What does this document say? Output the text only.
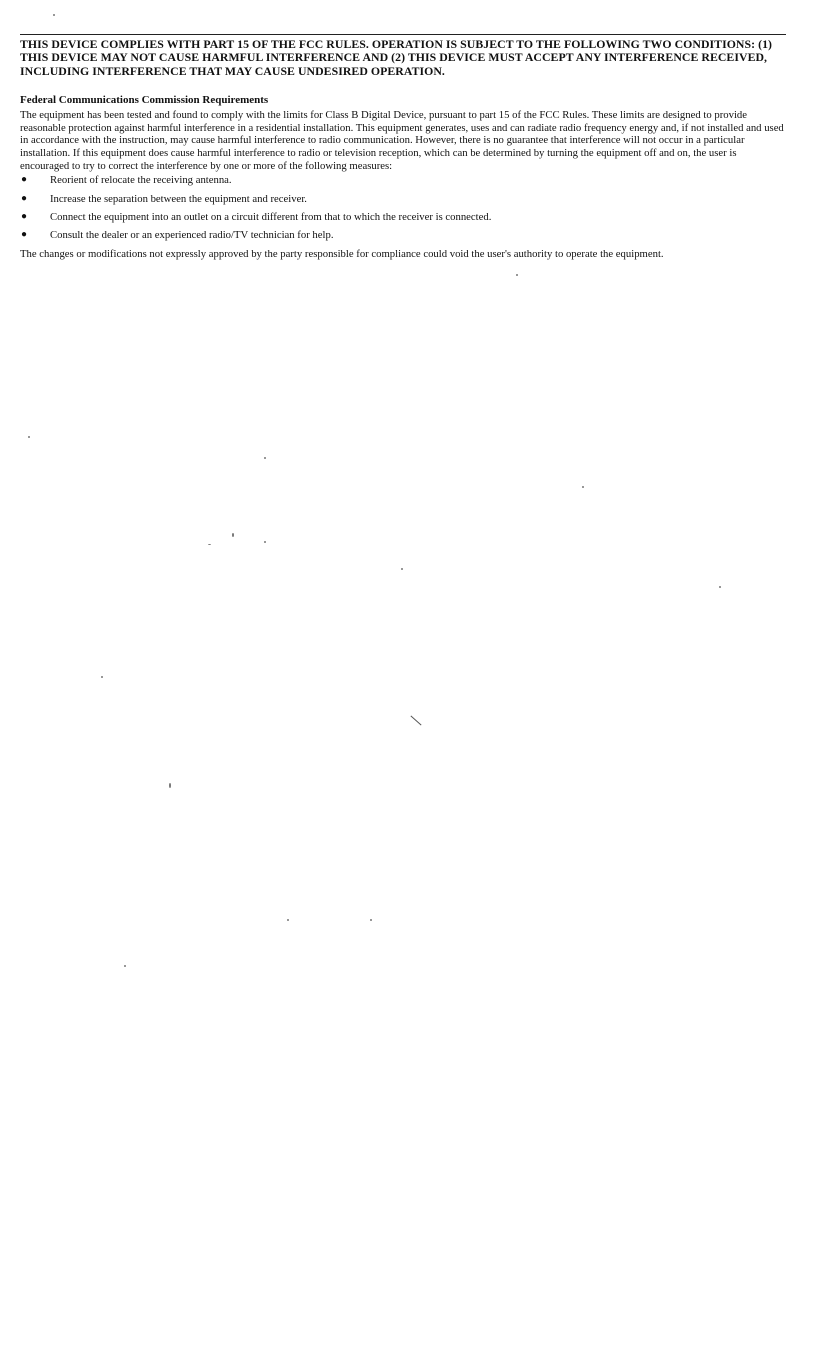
THIS DEVICE COMPLIES WITH PART 15 OF THE FCC RULES. OPERATION IS SUBJECT TO THE FOLLOWING TWO CONDITIONS: (1) THIS DEVICE MAY NOT CAUSE HARMFUL INTERFERENCE AND (2) THIS DEVICE MUST ACCEPT ANY INTERFERENCE RECEIVED, INCLUDING INTERFERENCE THAT MAY CAUSE UNDESIRED OPERATION.

Federal Communications Commission Requirements

The equipment has been tested and found to comply with the limits for Class B Digital Device, pursuant to part 15 of the FCC Rules. These limits are designed to provide reasonable protection against harmful interference in a residential installation. This equipment generates, uses and can radiate radio frequency energy and, if not installed and used in accordance with the instruction, may cause harmful interference to radio communication. However, there is no guarantee that interference will not occur in a particular installation. If this equipment does cause harmful interference to radio or television reception, which can be determined by turning the equipment off and on, the user is encouraged to try to correct the interference by one or more of the following measures:

●	Reorient of relocate the receiving antenna.
●	Increase the separation between the equipment and receiver.
●	Connect the equipment into an outlet on a circuit different from that to which the receiver is connected.
●	Consult the dealer or an experienced radio/TV technician for help.

The changes or modifications not expressly approved by the party responsible for compliance could void the user's authority to operate the equipment.
